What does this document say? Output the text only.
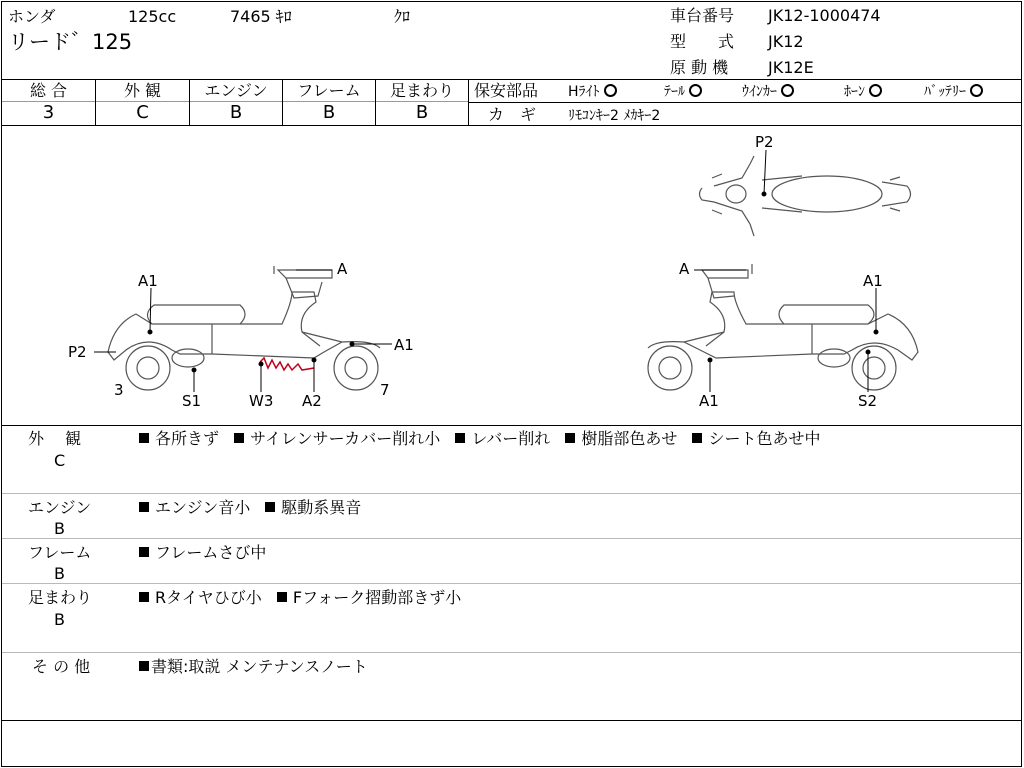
ホンダ	125cc	7465 ｷﾛ	ｸﾛ
リード゛125
車台番号 JK12-1000474
型　　式 JK12
原 動 機 JK12E
総 合	外 観	エンジン	フレーム	足まわり
3	C	B	B	B
保安部品 Hﾗｲﾄ	ﾃｰﾙ	ｳｲﾝｶｰ	ﾎｰﾝ	ﾊﾞｯﾃﾘｰ
カ　ギ ﾘﾓｺﾝｷｰ2 ﾒｶｷｰ2
P2
A
A1
A1
P2
3
S1	W3 A2
7
A
A1
A1	S2
外　 観
C
各所きず サイレンサーカバー削れ小 レバー削れ 樹脂部色あせ シート色あせ中
エンジン
B
エンジン音小 駆動系異音
フレーム
B
フレームさび中
足まわり
B
Rタイヤひび小 Fフォーク摺動部きず小
そ の 他	書類:取説 メンテナンスノート
